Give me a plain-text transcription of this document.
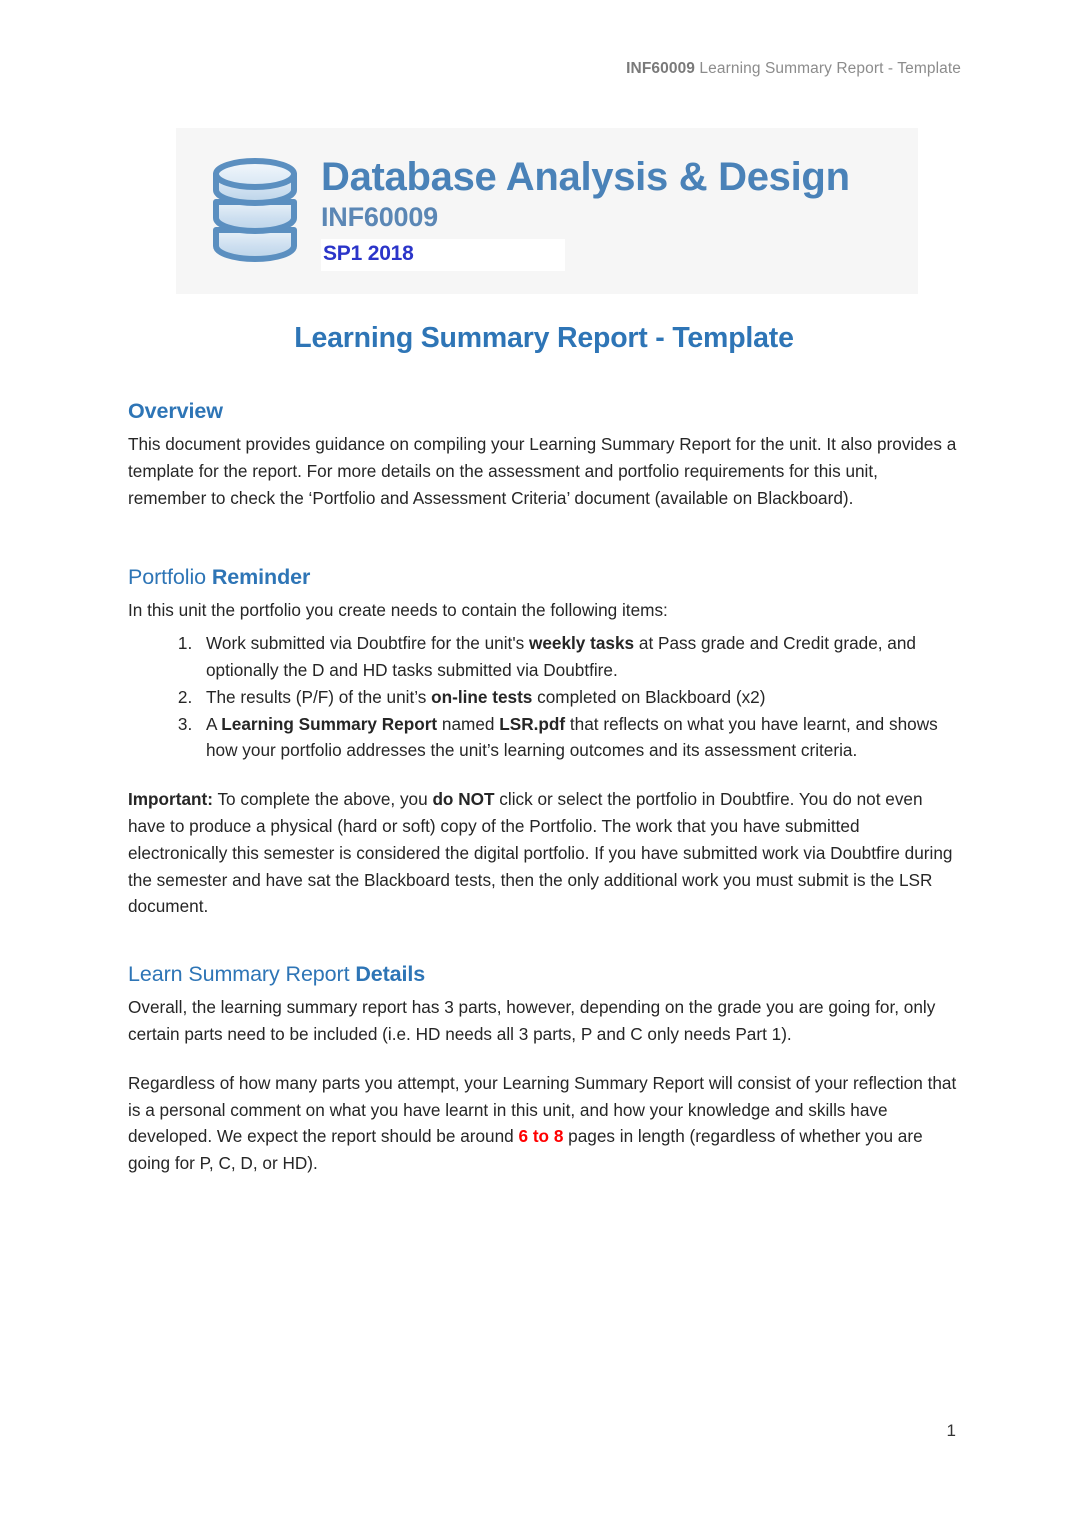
INF60009 Learning Summary Report - Template
Database Analysis & Design
INF60009
SP1 2018
Learning Summary Report - Template
Overview

This document provides guidance on compiling your Learning Summary Report for the unit. It also provides a template for the report. For more details on the assessment and portfolio requirements for this unit, remember to check the ‘Portfolio and Assessment Criteria’ document (available on Blackboard).

Portfolio Reminder

In this unit the portfolio you create needs to contain the following items:

1. Work submitted via Doubtfire for the unit's weekly tasks at Pass grade and Credit grade, and optionally the D and HD tasks submitted via Doubtfire.
2. The results (P/F) of the unit’s on-line tests completed on Blackboard (x2)
3. A Learning Summary Report named LSR.pdf that reflects on what you have learnt, and shows how your portfolio addresses the unit’s learning outcomes and its assessment criteria.

Important: To complete the above, you do NOT click or select the portfolio in Doubtfire. You do not even have to produce a physical (hard or soft) copy of the Portfolio. The work that you have submitted electronically this semester is considered the digital portfolio. If you have submitted work via Doubtfire during the semester and have sat the Blackboard tests, then the only additional work you must submit is the LSR document.

Learn Summary Report Details

Overall, the learning summary report has 3 parts, however, depending on the grade you are going for, only certain parts need to be included (i.e. HD needs all 3 parts, P and C only needs Part 1).

Regardless of how many parts you attempt, your Learning Summary Report will consist of your reflection that is a personal comment on what you have learnt in this unit, and how your knowledge and skills have developed. We expect the report should be around 6 to 8 pages in length (regardless of whether you are going for P, C, D, or HD).

1
